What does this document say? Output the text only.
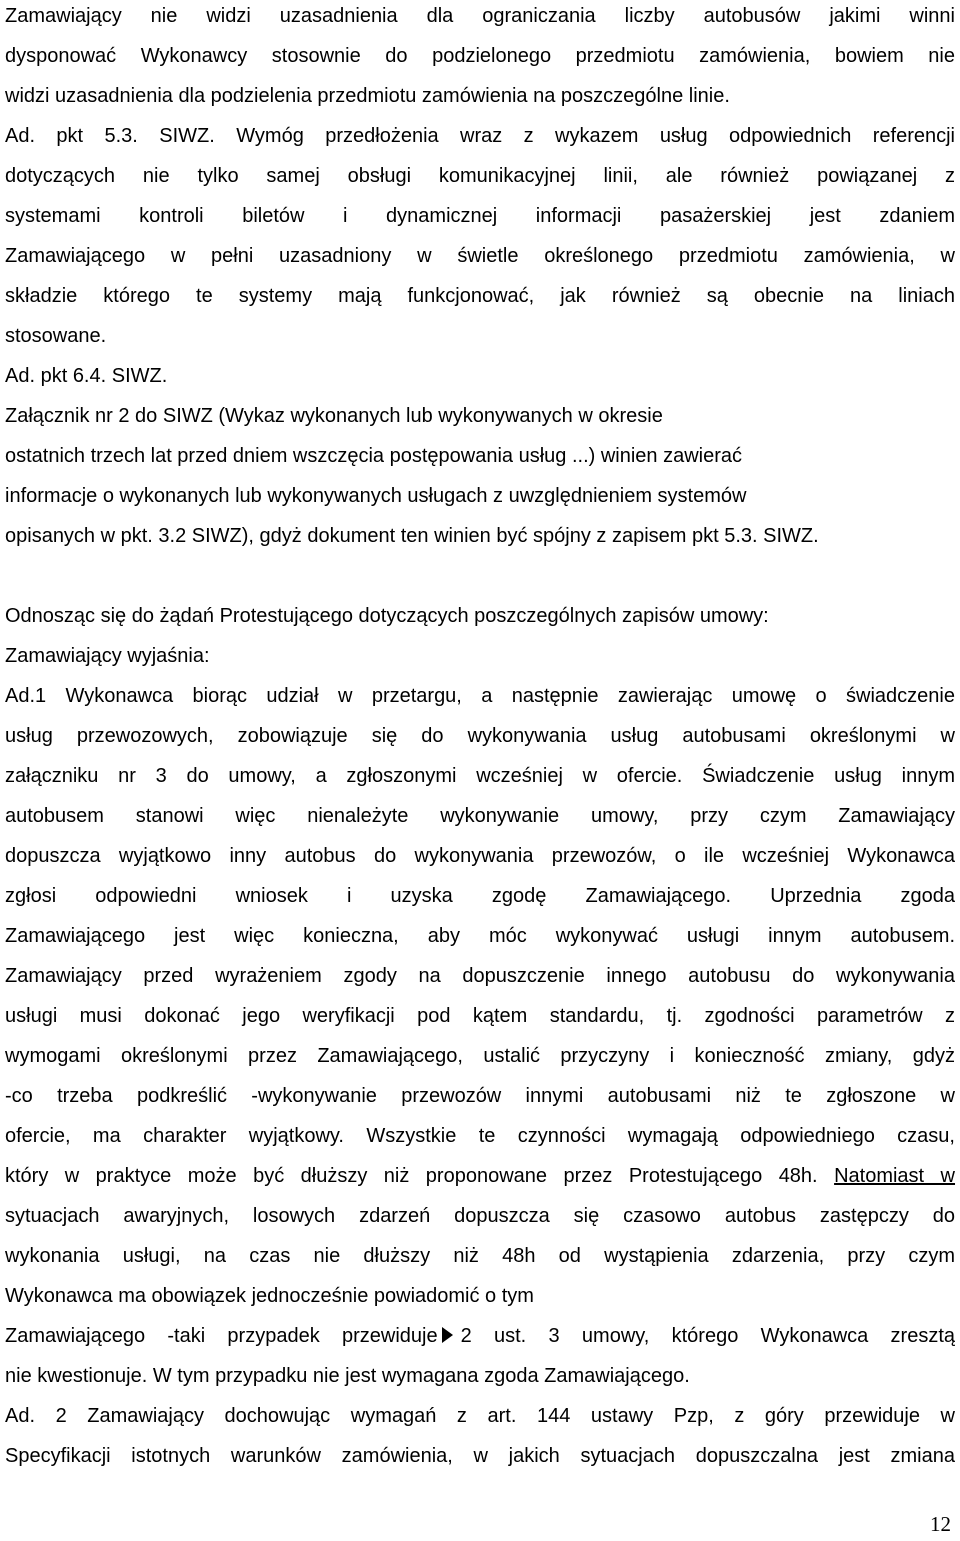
Zamawiający nie widzi uzasadnienia dla ograniczania liczby autobusów jakimi winni

dysponować Wykonawcy stosownie do podzielonego przedmiotu zamówienia, bowiem nie

widzi uzasadnienia dla podzielenia przedmiotu zamówienia na poszczególne linie.

Ad. pkt 5.3. SIWZ. Wymóg przedłożenia wraz z wykazem usług odpowiednich referencji

dotyczących nie tylko samej obsługi komunikacyjnej linii, ale również powiązanej z

systemami kontroli biletów i dynamicznej informacji pasażerskiej jest zdaniem

Zamawiającego w pełni uzasadniony w świetle określonego przedmiotu zamówienia, w

składzie którego te systemy mają funkcjonować, jak również są obecnie na liniach

stosowane.

Ad. pkt 6.4. SIWZ.

Załącznik nr 2 do SIWZ (Wykaz wykonanych lub wykonywanych w okresie

ostatnich trzech lat przed dniem wszczęcia postępowania usług ...) winien zawierać

informacje o wykonanych lub wykonywanych usługach z uwzględnieniem systemów

opisanych w pkt. 3.2 SIWZ), gdyż dokument ten winien być spójny z zapisem pkt 5.3. SIWZ.

Odnosząc się do żądań Protestującego dotyczących poszczególnych zapisów umowy:

Zamawiający wyjaśnia:

Ad.1 Wykonawca biorąc udział w przetargu, a następnie zawierając umowę o świadczenie

usług przewozowych, zobowiązuje się do wykonywania usług autobusami określonymi w

załączniku nr 3 do umowy, a zgłoszonymi wcześniej w ofercie. Świadczenie usług innym

autobusem stanowi więc nienależyte wykonywanie umowy, przy czym Zamawiający

dopuszcza wyjątkowo inny autobus do wykonywania przewozów, o ile wcześniej Wykonawca

zgłosi odpowiedni wniosek i uzyska zgodę Zamawiającego. Uprzednia zgoda

Zamawiającego jest więc konieczna, aby móc wykonywać usługi innym autobusem.

Zamawiający przed wyrażeniem zgody na dopuszczenie innego autobusu do wykonywania

usługi musi dokonać jego weryfikacji pod kątem standardu, tj. zgodności parametrów z

wymogami określonymi przez Zamawiającego, ustalić przyczyny i konieczność zmiany, gdyż

-co trzeba podkreślić -wykonywanie przewozów innymi autobusami niż te zgłoszone w

ofercie, ma charakter wyjątkowy. Wszystkie te czynności wymagają odpowiedniego czasu,

który w praktyce może być dłuższy niż proponowane przez Protestującego 48h. Natomiast w

sytuacjach awaryjnych, losowych zdarzeń dopuszcza się czasowo autobus zastępczy do

wykonania usługi, na czas nie dłuższy niż 48h od wystąpienia zdarzenia, przy czym

Wykonawca ma obowiązek jednocześnie powiadomić o tym

Zamawiającego -taki przypadek przewiduje 2 ust. 3 umowy, którego Wykonawca zresztą

nie kwestionuje. W tym przypadku nie jest wymagana zgoda Zamawiającego.

Ad. 2 Zamawiający dochowując wymagań z art. 144 ustawy Pzp, z góry przewiduje w

Specyfikacji istotnych warunków zamówienia, w jakich sytuacjach dopuszczalna jest zmiana

12
